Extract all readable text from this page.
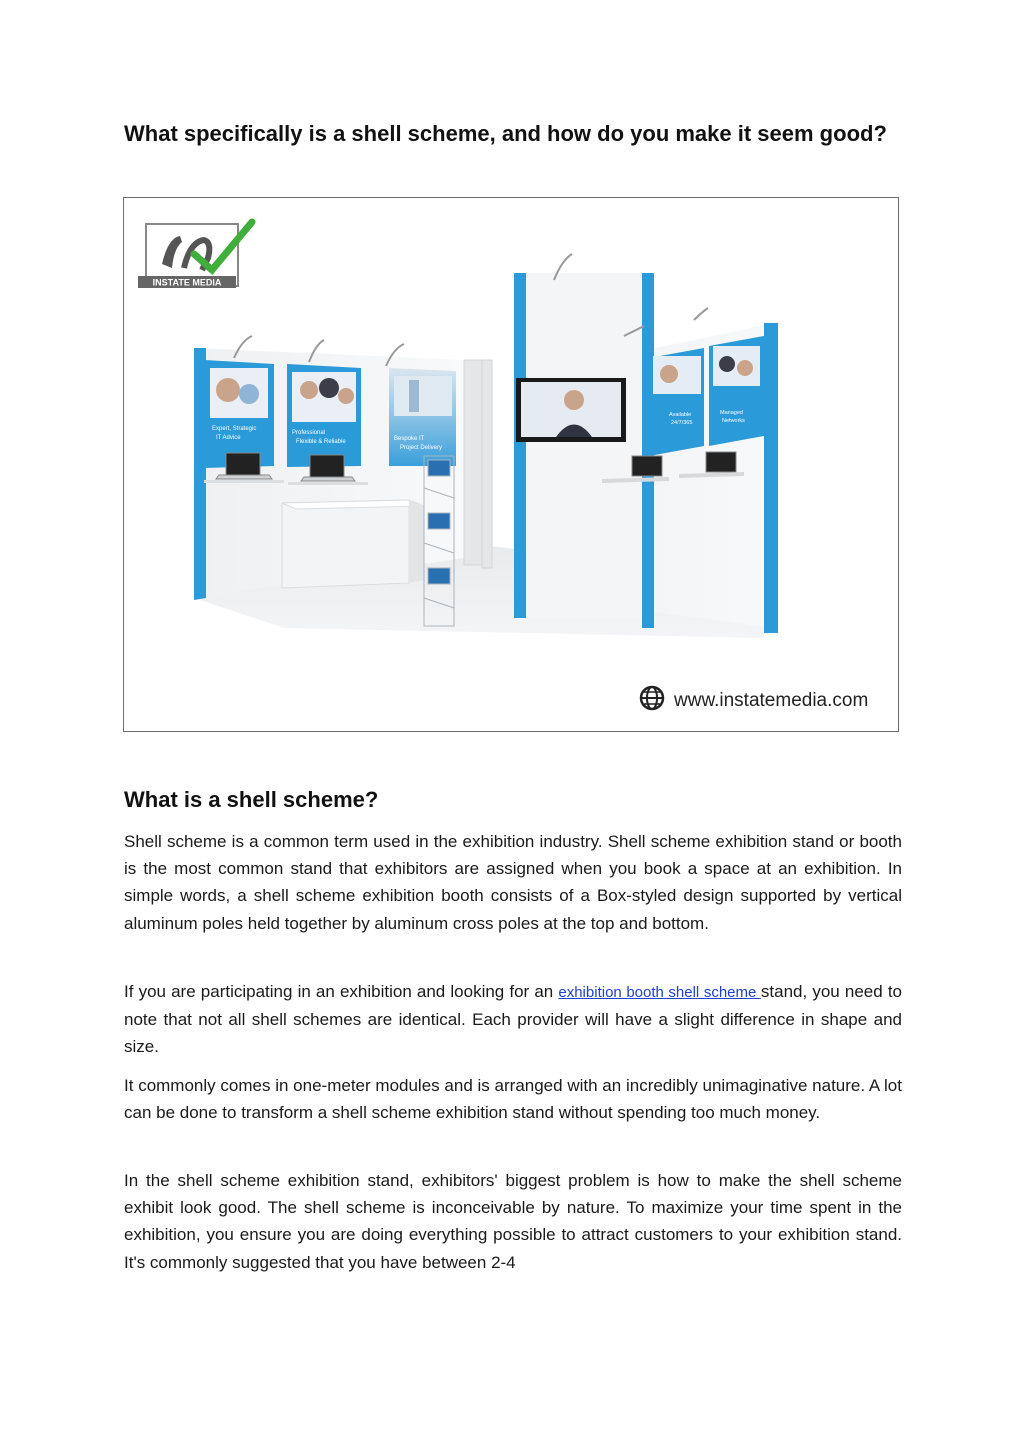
What specifically is a shell scheme, and how do you make it seem good?
INSTATE MEDIA
Expert, Strategic IT Advice
Professional Flexible & Reliable	Bespoke IT Project Delivery
Available 24/7/365
Managed Networks
www.instatemedia.com
What is a shell scheme?

Shell scheme is a common term used in the exhibition industry. Shell scheme exhibition stand or booth is the most common stand that exhibitors are assigned when you book a space at an exhibition. In simple words, a shell scheme exhibition booth consists of a Box-styled design supported by vertical aluminum poles held together by aluminum cross poles at the top and bottom.

If you are participating in an exhibition and looking for an exhibition booth shell scheme stand, you need to note that not all shell schemes are identical. Each provider will have a slight difference in shape and size.

It commonly comes in one-meter modules and is arranged with an incredibly unimaginative nature. A lot can be done to transform a shell scheme exhibition stand without spending too much money.

In the shell scheme exhibition stand, exhibitors' biggest problem is how to make the shell scheme exhibit look good. The shell scheme is inconceivable by nature. To maximize your time spent in the exhibition, you ensure you are doing everything possible to attract customers to your exhibition stand. It's commonly suggested that you have between 2-4
